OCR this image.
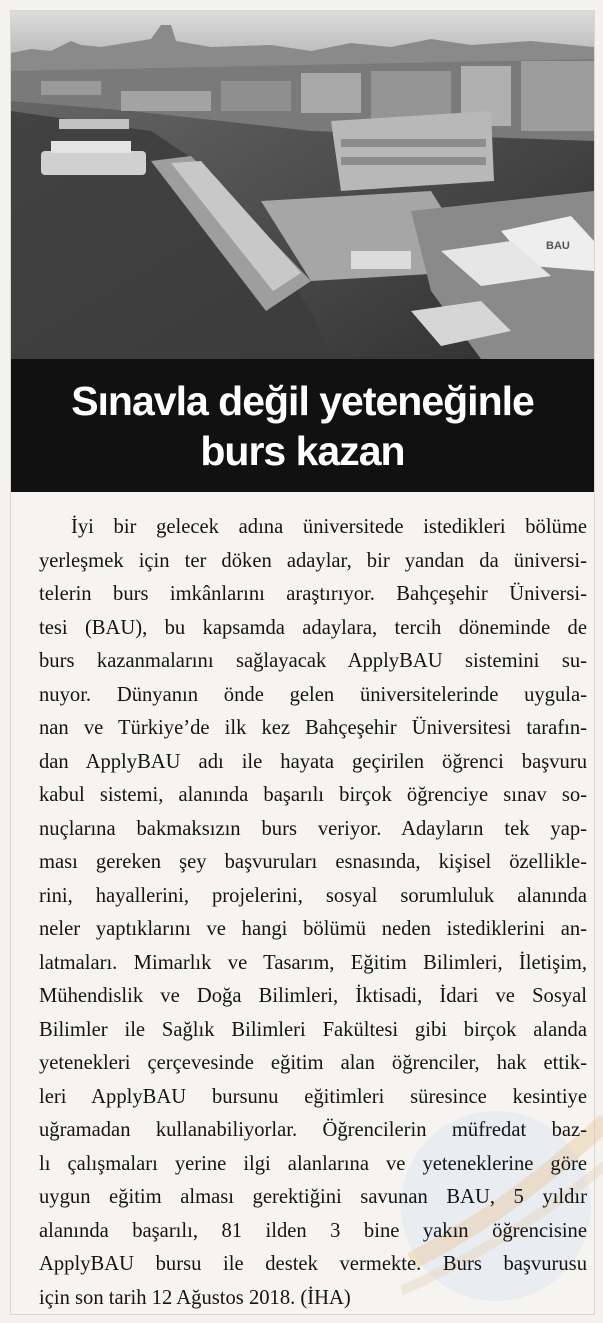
BAU
Sınavla değil yeteneğinle
burs kazan
İyi bir gelecek adına üniversitede istedikleri bölüme
yerleşmek için ter döken adaylar, bir yandan da üniversi-
telerin burs imkânlarını araştırıyor. Bahçeşehir Üniversi-
tesi (BAU), bu kapsamda adaylara, tercih döneminde de
burs kazanmalarını sağlayacak ApplyBAU sistemini su-
nuyor. Dünyanın önde gelen üniversitelerinde uygula-
nan ve Türkiye’de ilk kez Bahçeşehir Üniversitesi tarafın-
dan ApplyBAU adı ile hayata geçirilen öğrenci başvuru
kabul sistemi, alanında başarılı birçok öğrenciye sınav so-
nuçlarına bakmaksızın burs veriyor. Adayların tek yap-
ması gereken şey başvuruları esnasında, kişisel özellikle-
rini, hayallerini, projelerini, sosyal sorumluluk alanında
neler yaptıklarını ve hangi bölümü neden istediklerini an-
latmaları. Mimarlık ve Tasarım, Eğitim Bilimleri, İletişim,
Mühendislik ve Doğa Bilimleri, İktisadi, İdari ve Sosyal
Bilimler ile Sağlık Bilimleri Fakültesi gibi birçok alanda
yetenekleri çerçevesinde eğitim alan öğrenciler, hak ettik-
leri ApplyBAU bursunu eğitimleri süresince kesintiye
uğramadan kullanabiliyorlar. Öğrencilerin müfredat baz-
lı çalışmaları yerine ilgi alanlarına ve yeteneklerine göre
uygun eğitim alması gerektiğini savunan BAU, 5 yıldır
alanında başarılı, 81 ilden 3 bine yakın öğrencisine
ApplyBAU bursu ile destek vermekte. Burs başvurusu
için son tarih 12 Ağustos 2018. (İHA)
